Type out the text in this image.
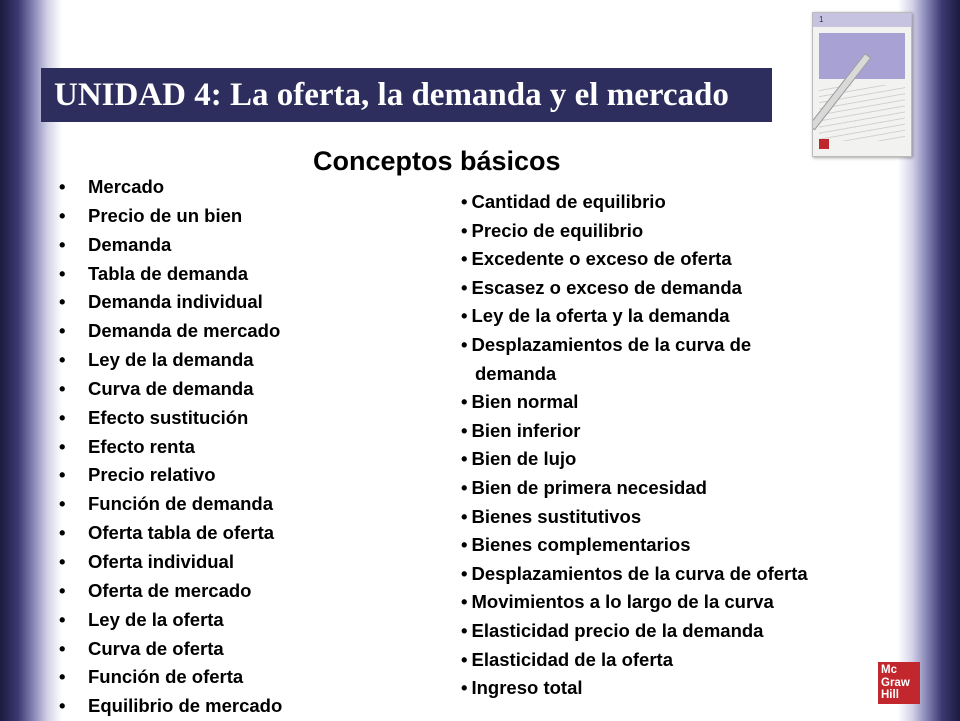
UNIDAD 4: La oferta, la demanda y el mercado
1
Conceptos básicos
• Mercado
• Precio de un bien
• Demanda
• Tabla de demanda
• Demanda individual
• Demanda de mercado
• Ley de la demanda
• Curva de demanda
• Efecto sustitución
• Efecto renta
• Precio relativo
• Función de demanda
• Oferta tabla de oferta
• Oferta individual
• Oferta de mercado
• Ley de la oferta
• Curva de oferta
• Función de oferta
• Equilibrio de mercado
• Cantidad de equilibrio
• Precio de equilibrio
• Excedente o exceso de oferta
• Escasez o exceso de demanda
• Ley de la oferta y la demanda
• Desplazamientos de la curva de
demanda
• Bien normal
• Bien inferior
• Bien de lujo
• Bien de primera necesidad
• Bienes sustitutivos
• Bienes complementarios
• Desplazamientos de la curva de oferta
• Movimientos a lo largo de la curva
• Elasticidad precio de la demanda
• Elasticidad de la oferta
• Ingreso total
Mc
Graw
Hill
